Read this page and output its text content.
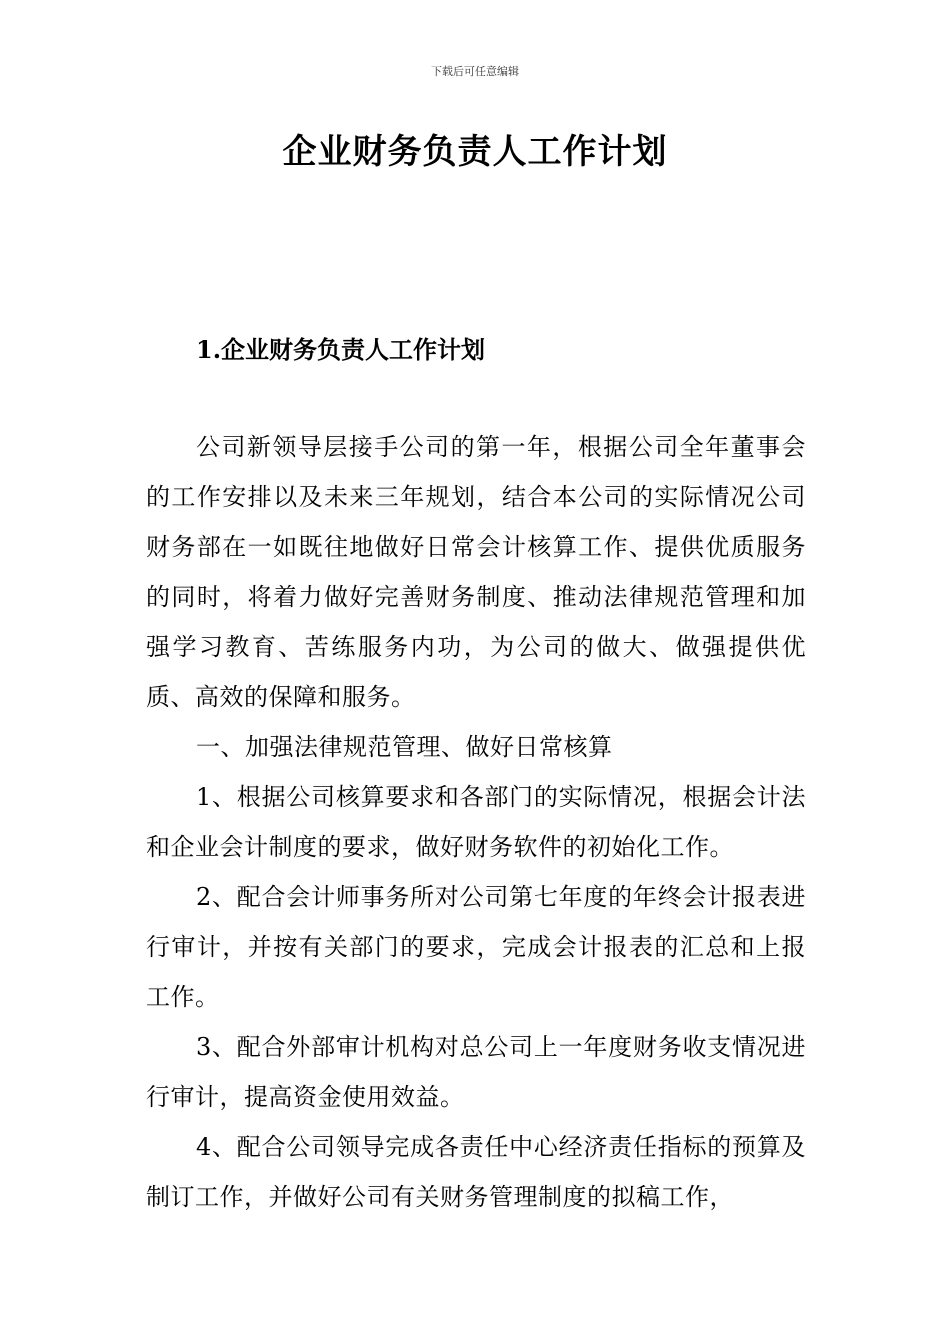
下载后可任意编辑
企业财务负责人工作计划
1.企业财务负责人工作计划

公司新领导层接手公司的第一年，根据公司全年董事会的工作安排以及未来三年规划，结合本公司的实际情况公司财务部在一如既往地做好日常会计核算工作、提供优质服务的同时，将着力做好完善财务制度、推动法律规范管理和加强学习教育、苦练服务内功，为公司的做大、做强提供优质、高效的保障和服务。

一、加强法律规范管理、做好日常核算

1、根据公司核算要求和各部门的实际情况，根据会计法和企业会计制度的要求，做好财务软件的初始化工作。

2、配合会计师事务所对公司第七年度的年终会计报表进行审计，并按有关部门的要求，完成会计报表的汇总和上报工作。

3、配合外部审计机构对总公司上一年度财务收支情况进行审计，提高资金使用效益。

4、配合公司领导完成各责任中心经济责任指标的预算及制订工作，并做好公司有关财务管理制度的拟稿工作，
